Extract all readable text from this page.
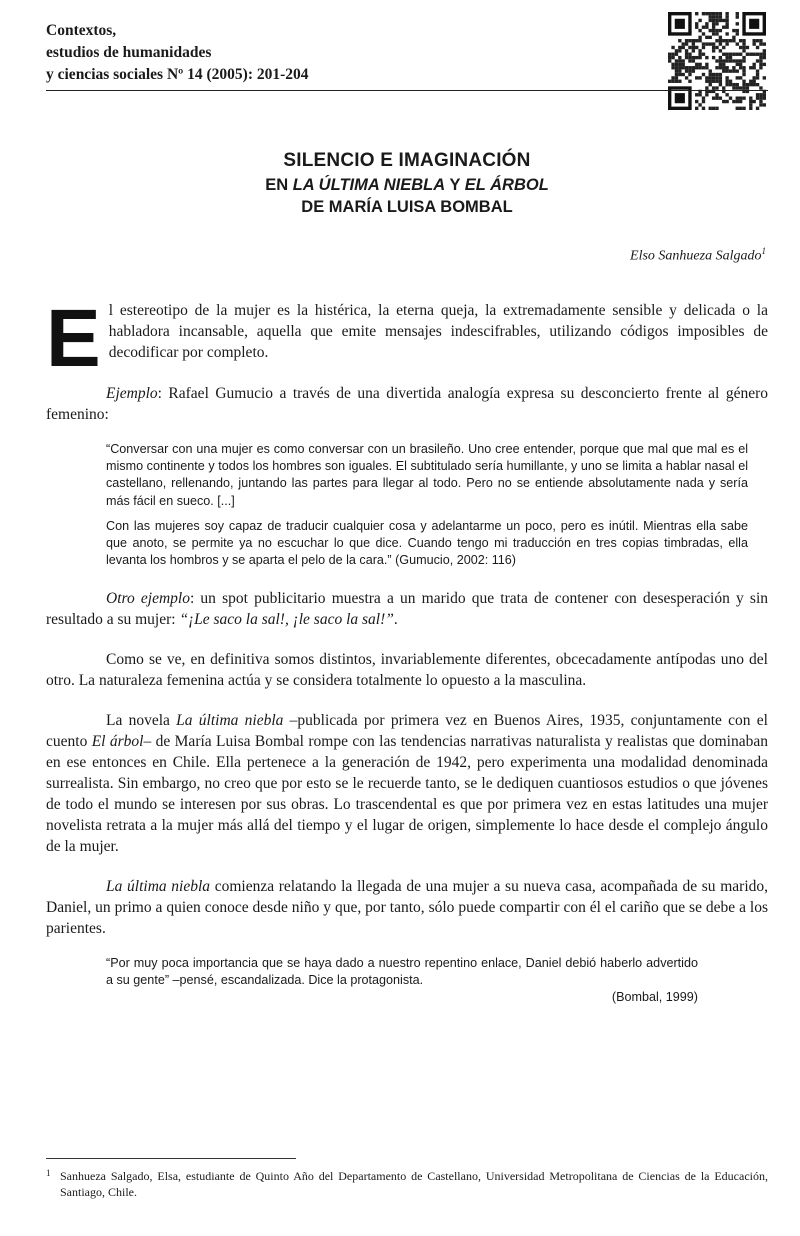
Contextos,
estudios de humanidades
y ciencias sociales Nº 14 (2005): 201-204
SILENCIO E IMAGINACIÓN
EN LA ÚLTIMA NIEBLA Y EL ÁRBOL
DE MARÍA LUISA BOMBAL
Elso Sanhueza Salgado$^1$

El estereotipo de la mujer es la histérica, la eterna queja, la extremadamente sensible y delicada o la habladora incansable, aquella que emite mensajes indescifrables, utilizando códigos imposibles de decodificar por completo.

Ejemplo: Rafael Gumucio a través de una divertida analogía expresa su desconcierto frente al género femenino:

“Conversar con una mujer es como conversar con un brasileño. Uno cree entender, porque que mal que mal es el mismo continente y todos los hombres son iguales. El subtitulado sería humillante, y uno se limita a hablar nasal el castellano, rellenando, juntando las partes para llegar al todo. Pero no se entiende absolutamente nada y sería más fácil en sueco. [...]

Con las mujeres soy capaz de traducir cualquier cosa y adelantarme un poco, pero es inútil. Mientras ella sabe que anoto, se permite ya no escuchar lo que dice. Cuando tengo mi traducción en tres copias timbradas, ella levanta los hombros y se aparta el pelo de la cara.” (Gumucio, 2002: 116)

Otro ejemplo: un spot publicitario muestra a un marido que trata de contener con desesperación y sin resultado a su mujer: “¡Le saco la sal!, ¡le saco la sal!”.

Como se ve, en definitiva somos distintos, invariablemente diferentes, obcecadamente antípodas uno del otro. La naturaleza femenina actúa y se considera totalmente lo opuesto a la masculina.

La novela La última niebla –publicada por primera vez en Buenos Aires, 1935, conjuntamente con el cuento El árbol– de María Luisa Bombal rompe con las tendencias narrativas naturalista y realistas que dominaban en ese entonces en Chile. Ella pertenece a la generación de 1942, pero experimenta una modalidad denominada surrealista. Sin embargo, no creo que por esto se le recuerde tanto, se le dediquen cuantiosos estudios o que jóvenes de todo el mundo se interesen por sus obras. Lo trascendental es que por primera vez en estas latitudes una mujer novelista retrata a la mujer más allá del tiempo y el lugar de origen, simplemente lo hace desde el complejo ángulo de la mujer.

La última niebla comienza relatando la llegada de una mujer a su nueva casa, acompañada de su marido, Daniel, un primo a quien conoce desde niño y que, por tanto, sólo puede compartir con él el cariño que se debe a los parientes.

“Por muy poca importancia que se haya dado a nuestro repentino enlace, Daniel debió haberlo advertido a su gente” –pensé, escandalizada. Dice la protagonista.

(Bombal, 1999)

1 Sanhueza Salgado, Elsa, estudiante de Quinto Año del Departamento de Castellano, Universidad Metropolitana de Ciencias de la Educación, Santiago, Chile.
